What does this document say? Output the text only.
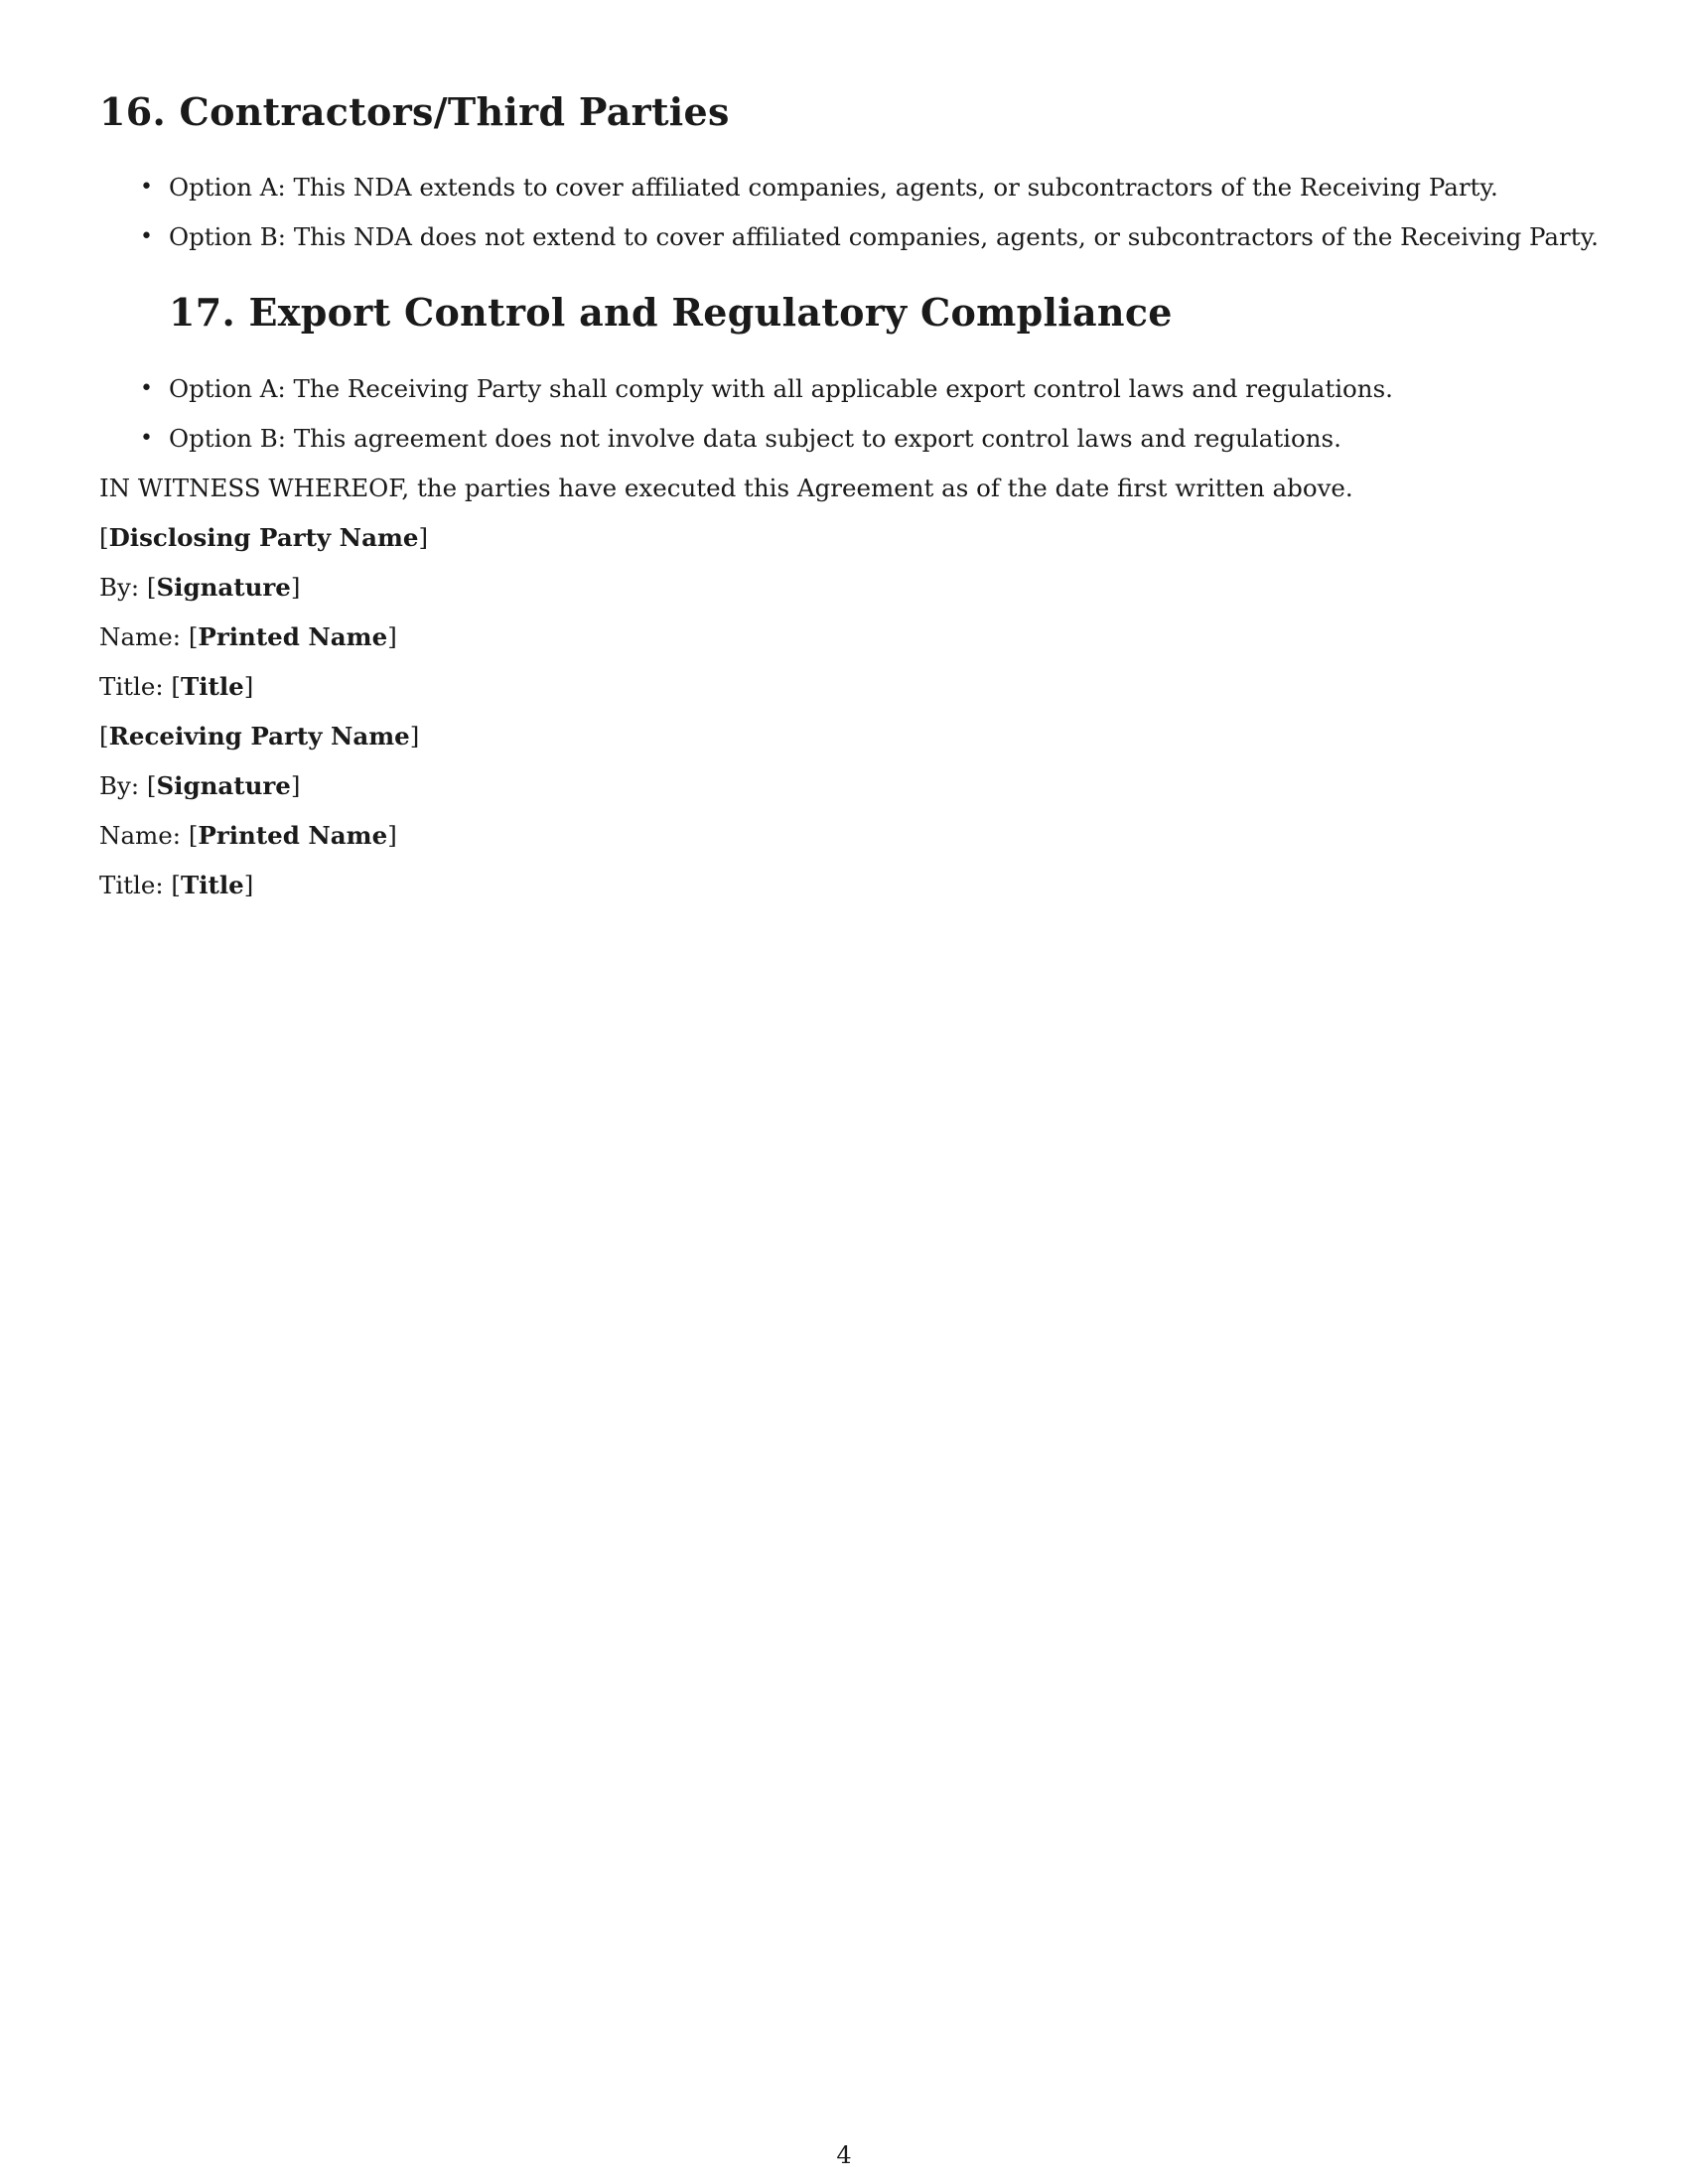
16. Contractors/Third Parties
• Option A: This NDA extends to cover affiliated companies, agents, or subcontractors of the Receiving Party.
• Option B: This NDA does not extend to cover affiliated companies, agents, or subcontractors of the Receiving Party.
17. Export Control and Regulatory Compliance
• Option A: The Receiving Party shall comply with all applicable export control laws and regulations.
• Option B: This agreement does not involve data subject to export control laws and regulations.
IN WITNESS WHEREOF, the parties have executed this Agreement as of the date first written above.
[Disclosing Party Name]
By: [Signature]
Name: [Printed Name]
Title: [Title]
[Receiving Party Name]
By: [Signature]
Name: [Printed Name]
Title: [Title]
4
